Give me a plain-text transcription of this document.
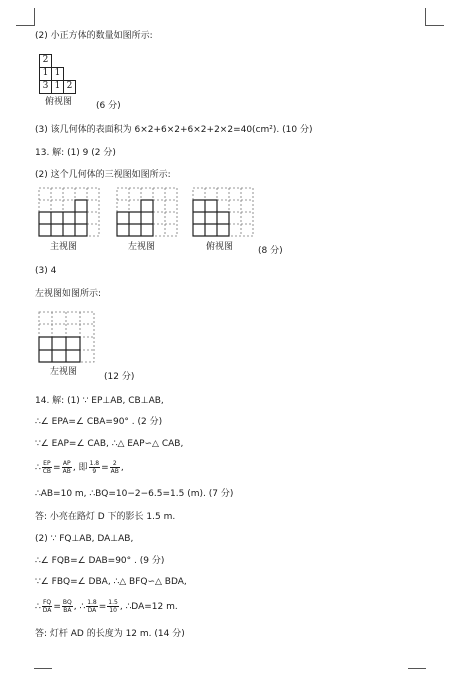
(2) 小正方体的数量如图所示:
2
1 1
3 1 2
俯视图	(6 分)
(3) 该几何体的表面积为 6×2+6×2+6×2+2×2=40(cm²). (10 分)
13. 解: (1) 9 (2 分)
(2) 这个几何体的三视图如图所示:
主视图	左视图	俯视图	(8 分)
(3) 4
左视图如图所示:
左视图	(12 分)
14. 解: (1) ∵ EP⊥AB, CB⊥AB,
∴∠ EPA=∠ CBA=90° . (2 分)
∵∠ EAP=∠ CAB, ∴△ EAP∽△ CAB,
∴ $\frac{EP}{CB} = \frac{AP}{AB}$ , 即 $\frac{1.8}{9} = \frac{2}{AB}$ ,
∴AB=10 m, ∴BQ=10−2−6.5=1.5 (m). (7 分)
答: 小亮在路灯 D 下的影长 1.5 m.
(2) ∵ FQ⊥AB, DA⊥AB,
∴∠ FQB=∠ DAB=90° . (9 分)
∵∠ FBQ=∠ DBA, ∴△ BFQ∽△ BDA,
∴ $\frac{FQ}{DA} = \frac{BQ}{BA}$ , ∴ $\frac{1.8}{DA} = \frac{1.5}{10}$ , ∴DA=12 m.
答: 灯杆 AD 的长度为 12 m. (14 分)
